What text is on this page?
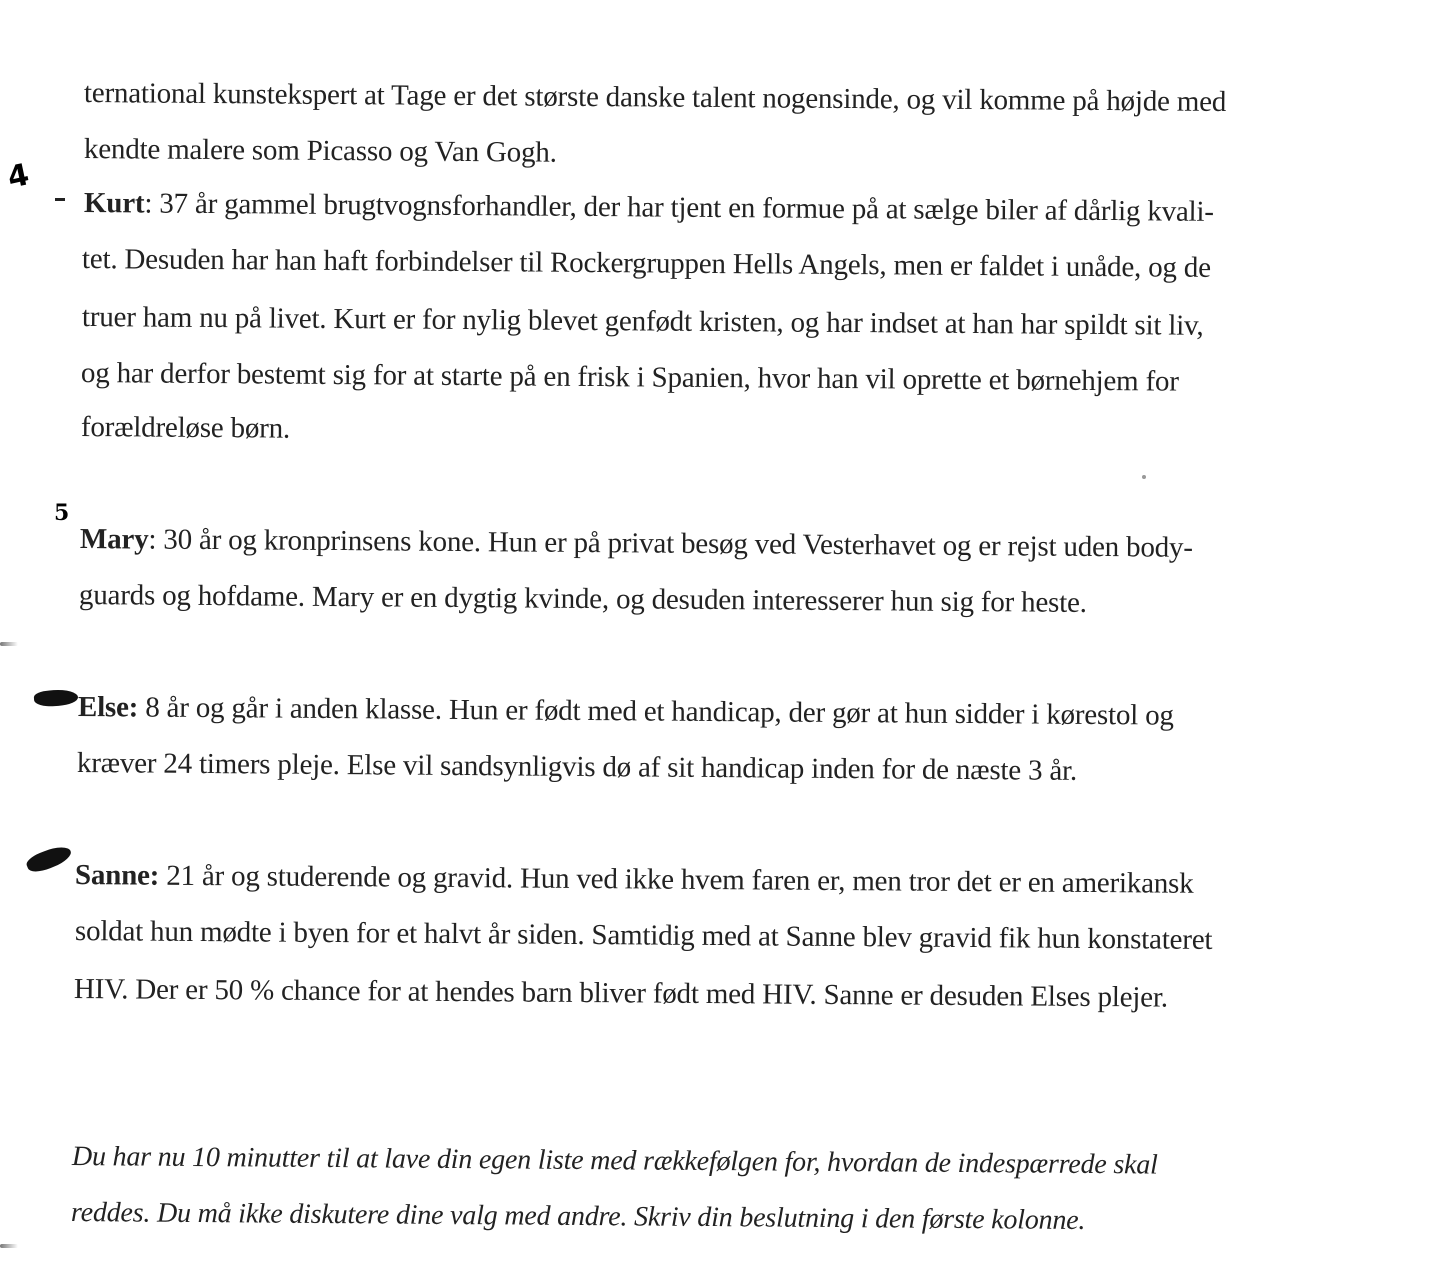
ternational kunstekspert at Tage er det største danske talent nogensinde, og vil komme på højde med
kendte malere som Picasso og Van Gogh.
4
Kurt: 37 år gammel brugtvognsforhandler, der har tjent en formue på at sælge biler af dårlig kvali-
tet. Desuden har han haft forbindelser til Rockergruppen Hells Angels, men er faldet i unåde, og de
truer ham nu på livet. Kurt er for nylig blevet genfødt kristen, og har indset at han har spildt sit liv,
og har derfor bestemt sig for at starte på en frisk i Spanien, hvor han vil oprette et børnehjem for
forældreløse børn.
5
Mary: 30 år og kronprinsens kone. Hun er på privat besøg ved Vesterhavet og er rejst uden body-
guards og hofdame. Mary er en dygtig kvinde, og desuden interesserer hun sig for heste.
Else: 8 år og går i anden klasse. Hun er født med et handicap, der gør at hun sidder i kørestol og
kræver 24 timers pleje. Else vil sandsynligvis dø af sit handicap inden for de næste 3 år.
Sanne: 21 år og studerende og gravid. Hun ved ikke hvem faren er, men tror det er en amerikansk
soldat hun mødte i byen for et halvt år siden. Samtidig med at Sanne blev gravid fik hun konstateret
HIV. Der er 50 % chance for at hendes barn bliver født med HIV. Sanne er desuden Elses plejer.
Du har nu 10 minutter til at lave din egen liste med rækkefølgen for, hvordan de indespærrede skal
reddes. Du må ikke diskutere dine valg med andre. Skriv din beslutning i den første kolonne.
